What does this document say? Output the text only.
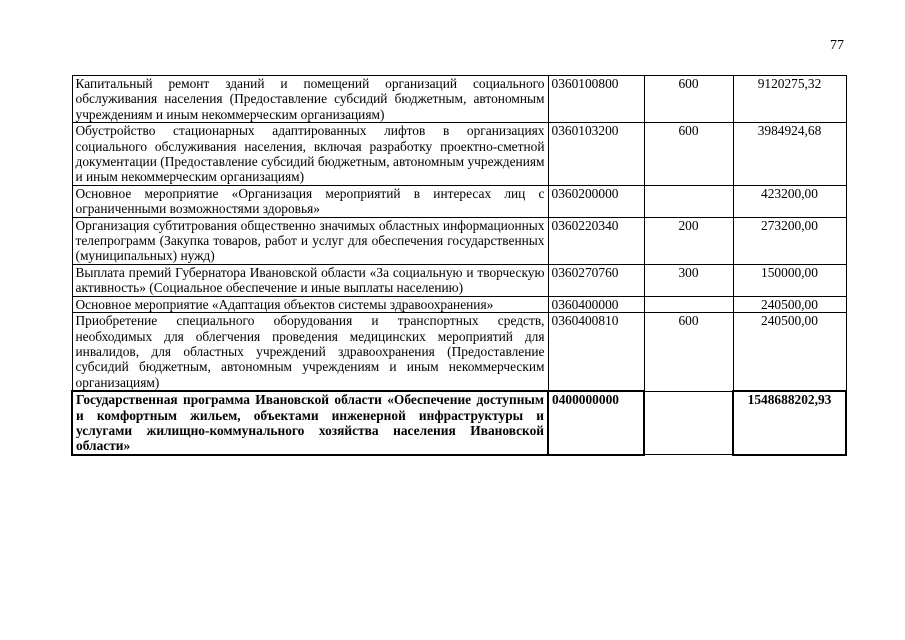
77
Капитальный ремонт зданий и помещений организаций социального обслуживания населения (Предоставление субсидий бюджетным, автономным учреждениям и иным некоммерческим организациям)	0360100800	600	9120275,32
Обустройство стационарных адаптированных лифтов в организациях социального обслуживания населения, включая разработку проектно-сметной документации (Предоставление субсидий бюджетным, автономным учреждениям и иным некоммерческим организациям)	0360103200	600	3984924,68
Основное мероприятие «Организация мероприятий в интересах лиц с ограниченными возможностями здоровья»	0360200000		423200,00
Организация субтитрования общественно значимых областных информационных телепрограмм (Закупка товаров, работ и услуг для обеспечения государственных (муниципальных) нужд)	0360220340	200	273200,00
Выплата премий Губернатора Ивановской области «За социальную и творческую активность» (Социальное обеспечение и иные выплаты населению)	0360270760	300	150000,00
Основное мероприятие «Адаптация объектов системы здравоохранения»	0360400000		240500,00
Приобретение специального оборудования и транспортных средств, необходимых для облегчения проведения медицинских мероприятий для инвалидов, для областных учреждений здравоохранения (Предоставление субсидий бюджетным, автономным учреждениям и иным некоммерческим организациям)	0360400810	600	240500,00
Государственная программа Ивановской области «Обеспечение доступным и комфортным жильем, объектами инженерной инфраструктуры и услугами жилищно-коммунального хозяйства населения Ивановской области»	0400000000		1548688202,93
